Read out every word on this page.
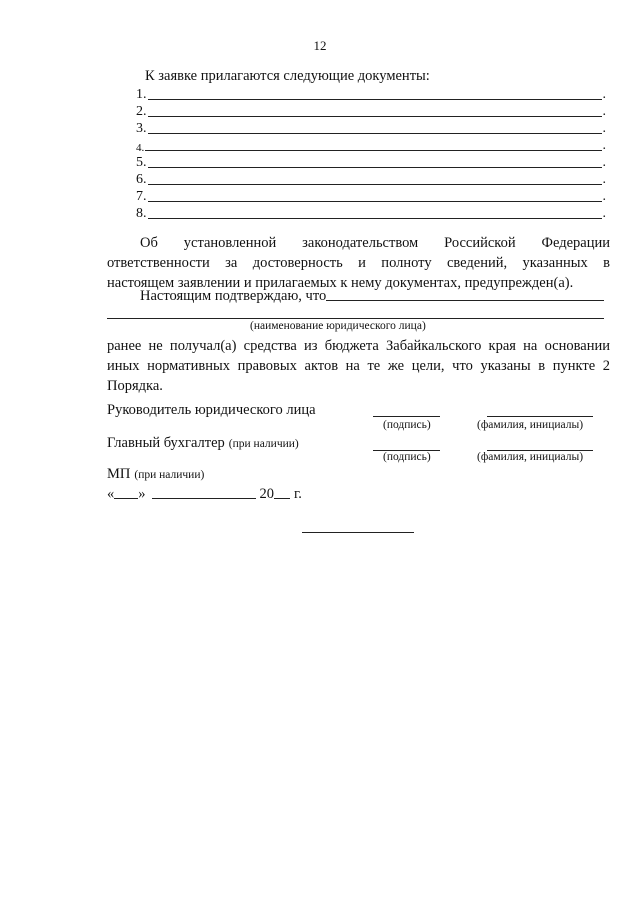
12
К заявке прилагаются следующие документы:
1.	.
2.	.
3.	.
4.	.
5.	.
6.	.
7.	.
8.	.

Об установленной законодательством Российской Федерации

ответственности за достоверность и полноту сведений, указанных в

настоящем заявлении и прилагаемых к нему документах, предупрежден(а).

Настоящим подтверждаю, что
(наименование юридического лица)

ранее не получал(а) средства из бюджета Забайкальского края на основании

иных нормативных правовых актов на те же цели, что указаны в пункте 2

Порядка.

Руководитель юридического лица
(подпись)	(фамилия, инициалы)
Главный бухгалтер (при наличии)
(подпись)	(фамилия, инициалы)
МП (при наличии)
« »	20 г.
